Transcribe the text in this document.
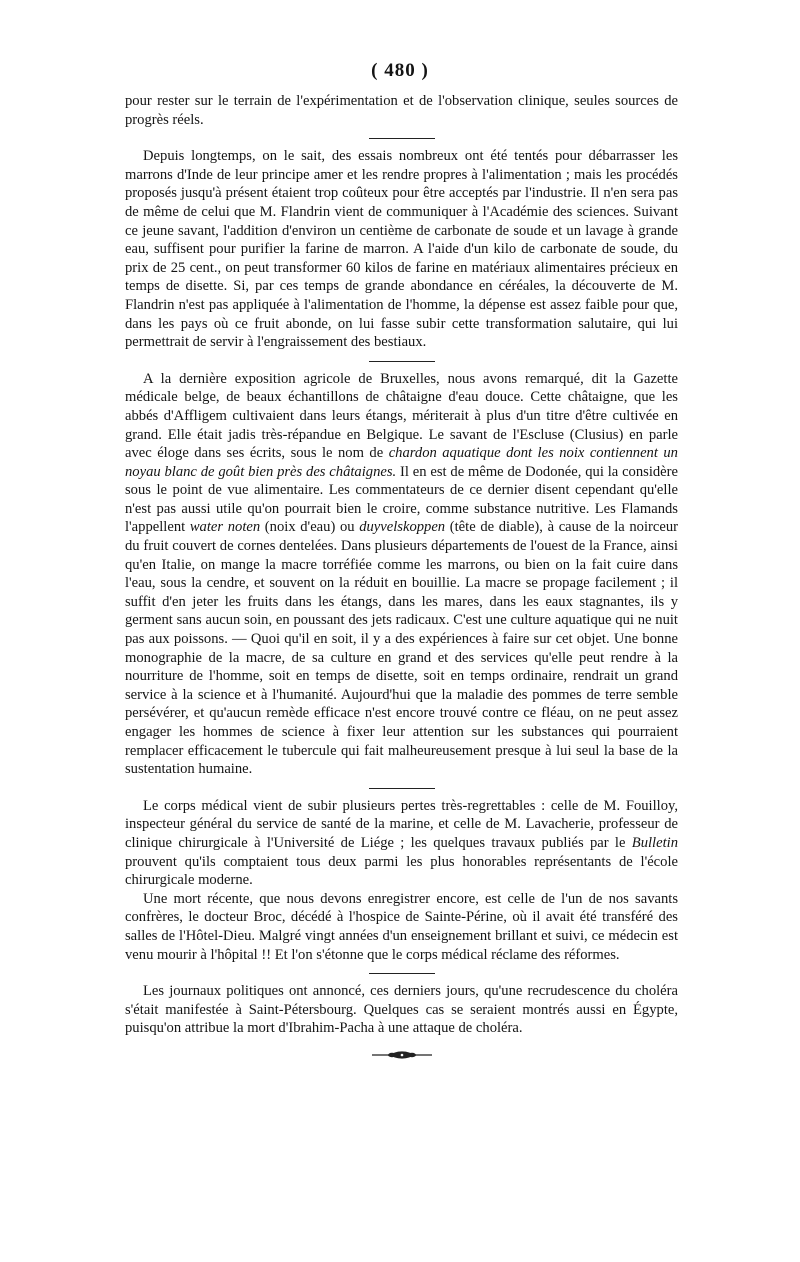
( 480 )

pour rester sur le terrain de l'expérimentation et de l'observation clinique, seules sources de progrès réels.

Depuis longtemps, on le sait, des essais nombreux ont été tentés pour débarrasser les marrons d'Inde de leur principe amer et les rendre propres à l'alimentation ; mais les procédés proposés jusqu'à présent étaient trop coûteux pour être acceptés par l'industrie. Il n'en sera pas de même de celui que M. Flandrin vient de communiquer à l'Académie des sciences. Suivant ce jeune savant, l'addition d'environ un centième de carbonate de soude et un lavage à grande eau, suffisent pour purifier la farine de marron. A l'aide d'un kilo de carbonate de soude, du prix de 25 cent., on peut transformer 60 kilos de farine en matériaux alimentaires précieux en temps de disette. Si, par ces temps de grande abondance en céréales, la découverte de M. Flandrin n'est pas appliquée à l'alimentation de l'homme, la dépense est assez faible pour que, dans les pays où ce fruit abonde, on lui fasse subir cette transformation salutaire, qui lui permettrait de servir à l'engraissement des bestiaux.

A la dernière exposition agricole de Bruxelles, nous avons remarqué, dit la Gazette médicale belge, de beaux échantillons de châtaigne d'eau douce. Cette châtaigne, que les abbés d'Affligem cultivaient dans leurs étangs, mériterait à plus d'un titre d'être cultivée en grand. Elle était jadis très-répandue en Belgique. Le savant de l'Escluse (Clusius) en parle avec éloge dans ses écrits, sous le nom de chardon aquatique dont les noix contiennent un noyau blanc de goût bien près des châtaignes. Il en est de même de Dodonée, qui la considère sous le point de vue alimentaire. Les commentateurs de ce dernier disent cependant qu'elle n'est pas aussi utile qu'on pourrait bien le croire, comme substance nutritive. Les Flamands l'appellent water noten (noix d'eau) ou duyvelskoppen (tête de diable), à cause de la noirceur du fruit couvert de cornes dentelées. Dans plusieurs départements de l'ouest de la France, ainsi qu'en Italie, on mange la macre torréfiée comme les marrons, ou bien on la fait cuire dans l'eau, sous la cendre, et souvent on la réduit en bouillie. La macre se propage facilement ; il suffit d'en jeter les fruits dans les étangs, dans les mares, dans les eaux stagnantes, ils y germent sans aucun soin, en poussant des jets radicaux. C'est une culture aquatique qui ne nuit pas aux poissons. — Quoi qu'il en soit, il y a des expériences à faire sur cet objet. Une bonne monographie de la macre, de sa culture en grand et des services qu'elle peut rendre à la nourriture de l'homme, soit en temps de disette, soit en temps ordinaire, rendrait un grand service à la science et à l'humanité. Aujourd'hui que la maladie des pommes de terre semble persévérer, et qu'aucun remède efficace n'est encore trouvé contre ce fléau, on ne peut assez engager les hommes de science à fixer leur attention sur les substances qui pourraient remplacer efficacement le tubercule qui fait malheureusement presque à lui seul la base de la sustentation humaine.

Le corps médical vient de subir plusieurs pertes très-regrettables : celle de M. Fouilloy, inspecteur général du service de santé de la marine, et celle de M. Lavacherie, professeur de clinique chirurgicale à l'Université de Liége ; les quelques travaux publiés par le Bulletin prouvent qu'ils comptaient tous deux parmi les plus honorables représentants de l'école chirurgicale moderne.

Une mort récente, que nous devons enregistrer encore, est celle de l'un de nos savants confrères, le docteur Broc, décédé à l'hospice de Sainte-Périne, où il avait été transféré des salles de l'Hôtel-Dieu. Malgré vingt années d'un enseignement brillant et suivi, ce médecin est venu mourir à l'hôpital !! Et l'on s'étonne que le corps médical réclame des réformes.

Les journaux politiques ont annoncé, ces derniers jours, qu'une recrudescence du choléra s'était manifestée à Saint-Pétersbourg. Quelques cas se seraient montrés aussi en Égypte, puisqu'on attribue la mort d'Ibrahim-Pacha à une attaque de choléra.
